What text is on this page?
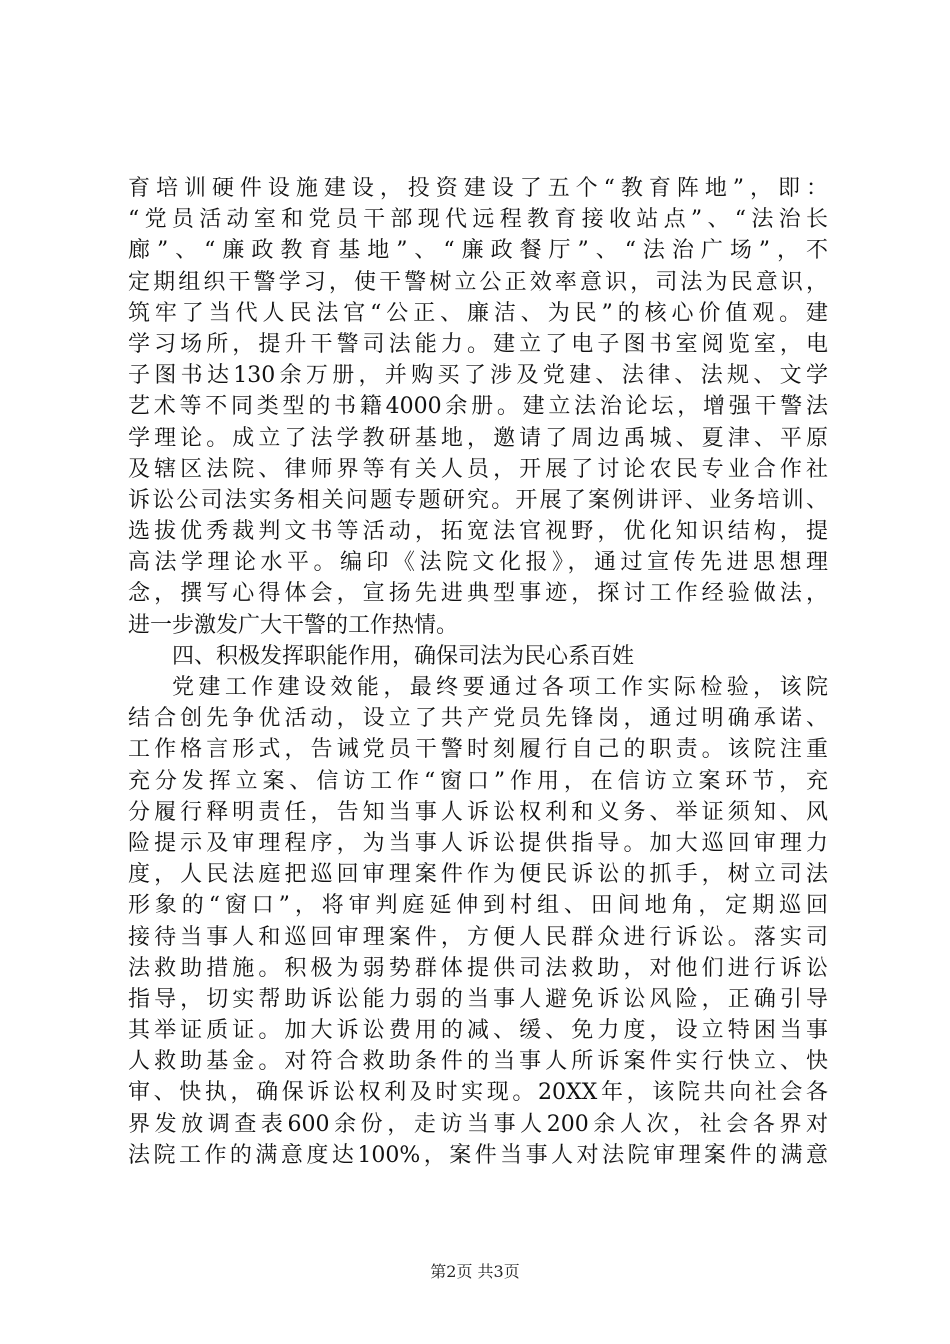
育培训硬件设施建设，投资建设了五个“教育阵地”，即：
“党员活动室和党员干部现代远程教育接收站点”、“法治长
廊”、“廉政教育基地”、“廉政餐厅”、“法治广场”，不
定期组织干警学习，使干警树立公正效率意识，司法为民意识，
筑牢了当代人民法官“公正、廉洁、为民”的核心价值观。建
学习场所，提升干警司法能力。建立了电子图书室阅览室，电
子图书达130余万册，并购买了涉及党建、法律、法规、文学
艺术等不同类型的书籍4000余册。建立法治论坛，增强干警法
学理论。成立了法学教研基地，邀请了周边禹城、夏津、平原
及辖区法院、律师界等有关人员，开展了讨论农民专业合作社
诉讼公司法实务相关问题专题研究。开展了案例讲评、业务培训、
选拔优秀裁判文书等活动，拓宽法官视野，优化知识结构，提
高法学理论水平。编印《法院文化报》，通过宣传先进思想理
念，撰写心得体会，宣扬先进典型事迹，探讨工作经验做法，
进一步激发广大干警的工作热情。
四、积极发挥职能作用，确保司法为民心系百姓
党建工作建设效能，最终要通过各项工作实际检验，该院
结合创先争优活动，设立了共产党员先锋岗，通过明确承诺、
工作格言形式，告诫党员干警时刻履行自己的职责。该院注重
充分发挥立案、信访工作“窗口”作用，在信访立案环节，充
分履行释明责任，告知当事人诉讼权利和义务、举证须知、风
险提示及审理程序，为当事人诉讼提供指导。加大巡回审理力
度，人民法庭把巡回审理案件作为便民诉讼的抓手，树立司法
形象的“窗口”，将审判庭延伸到村组、田间地角，定期巡回
接待当事人和巡回审理案件，方便人民群众进行诉讼。落实司
法救助措施。积极为弱势群体提供司法救助，对他们进行诉讼
指导，切实帮助诉讼能力弱的当事人避免诉讼风险，正确引导
其举证质证。加大诉讼费用的减、缓、免力度，设立特困当事
人救助基金。对符合救助条件的当事人所诉案件实行快立、快
审、快执，确保诉讼权利及时实现。20XX年，该院共向社会各
界发放调查表600余份，走访当事人200余人次，社会各界对
法院工作的满意度达100%，案件当事人对法院审理案件的满意
第2页 共3页
